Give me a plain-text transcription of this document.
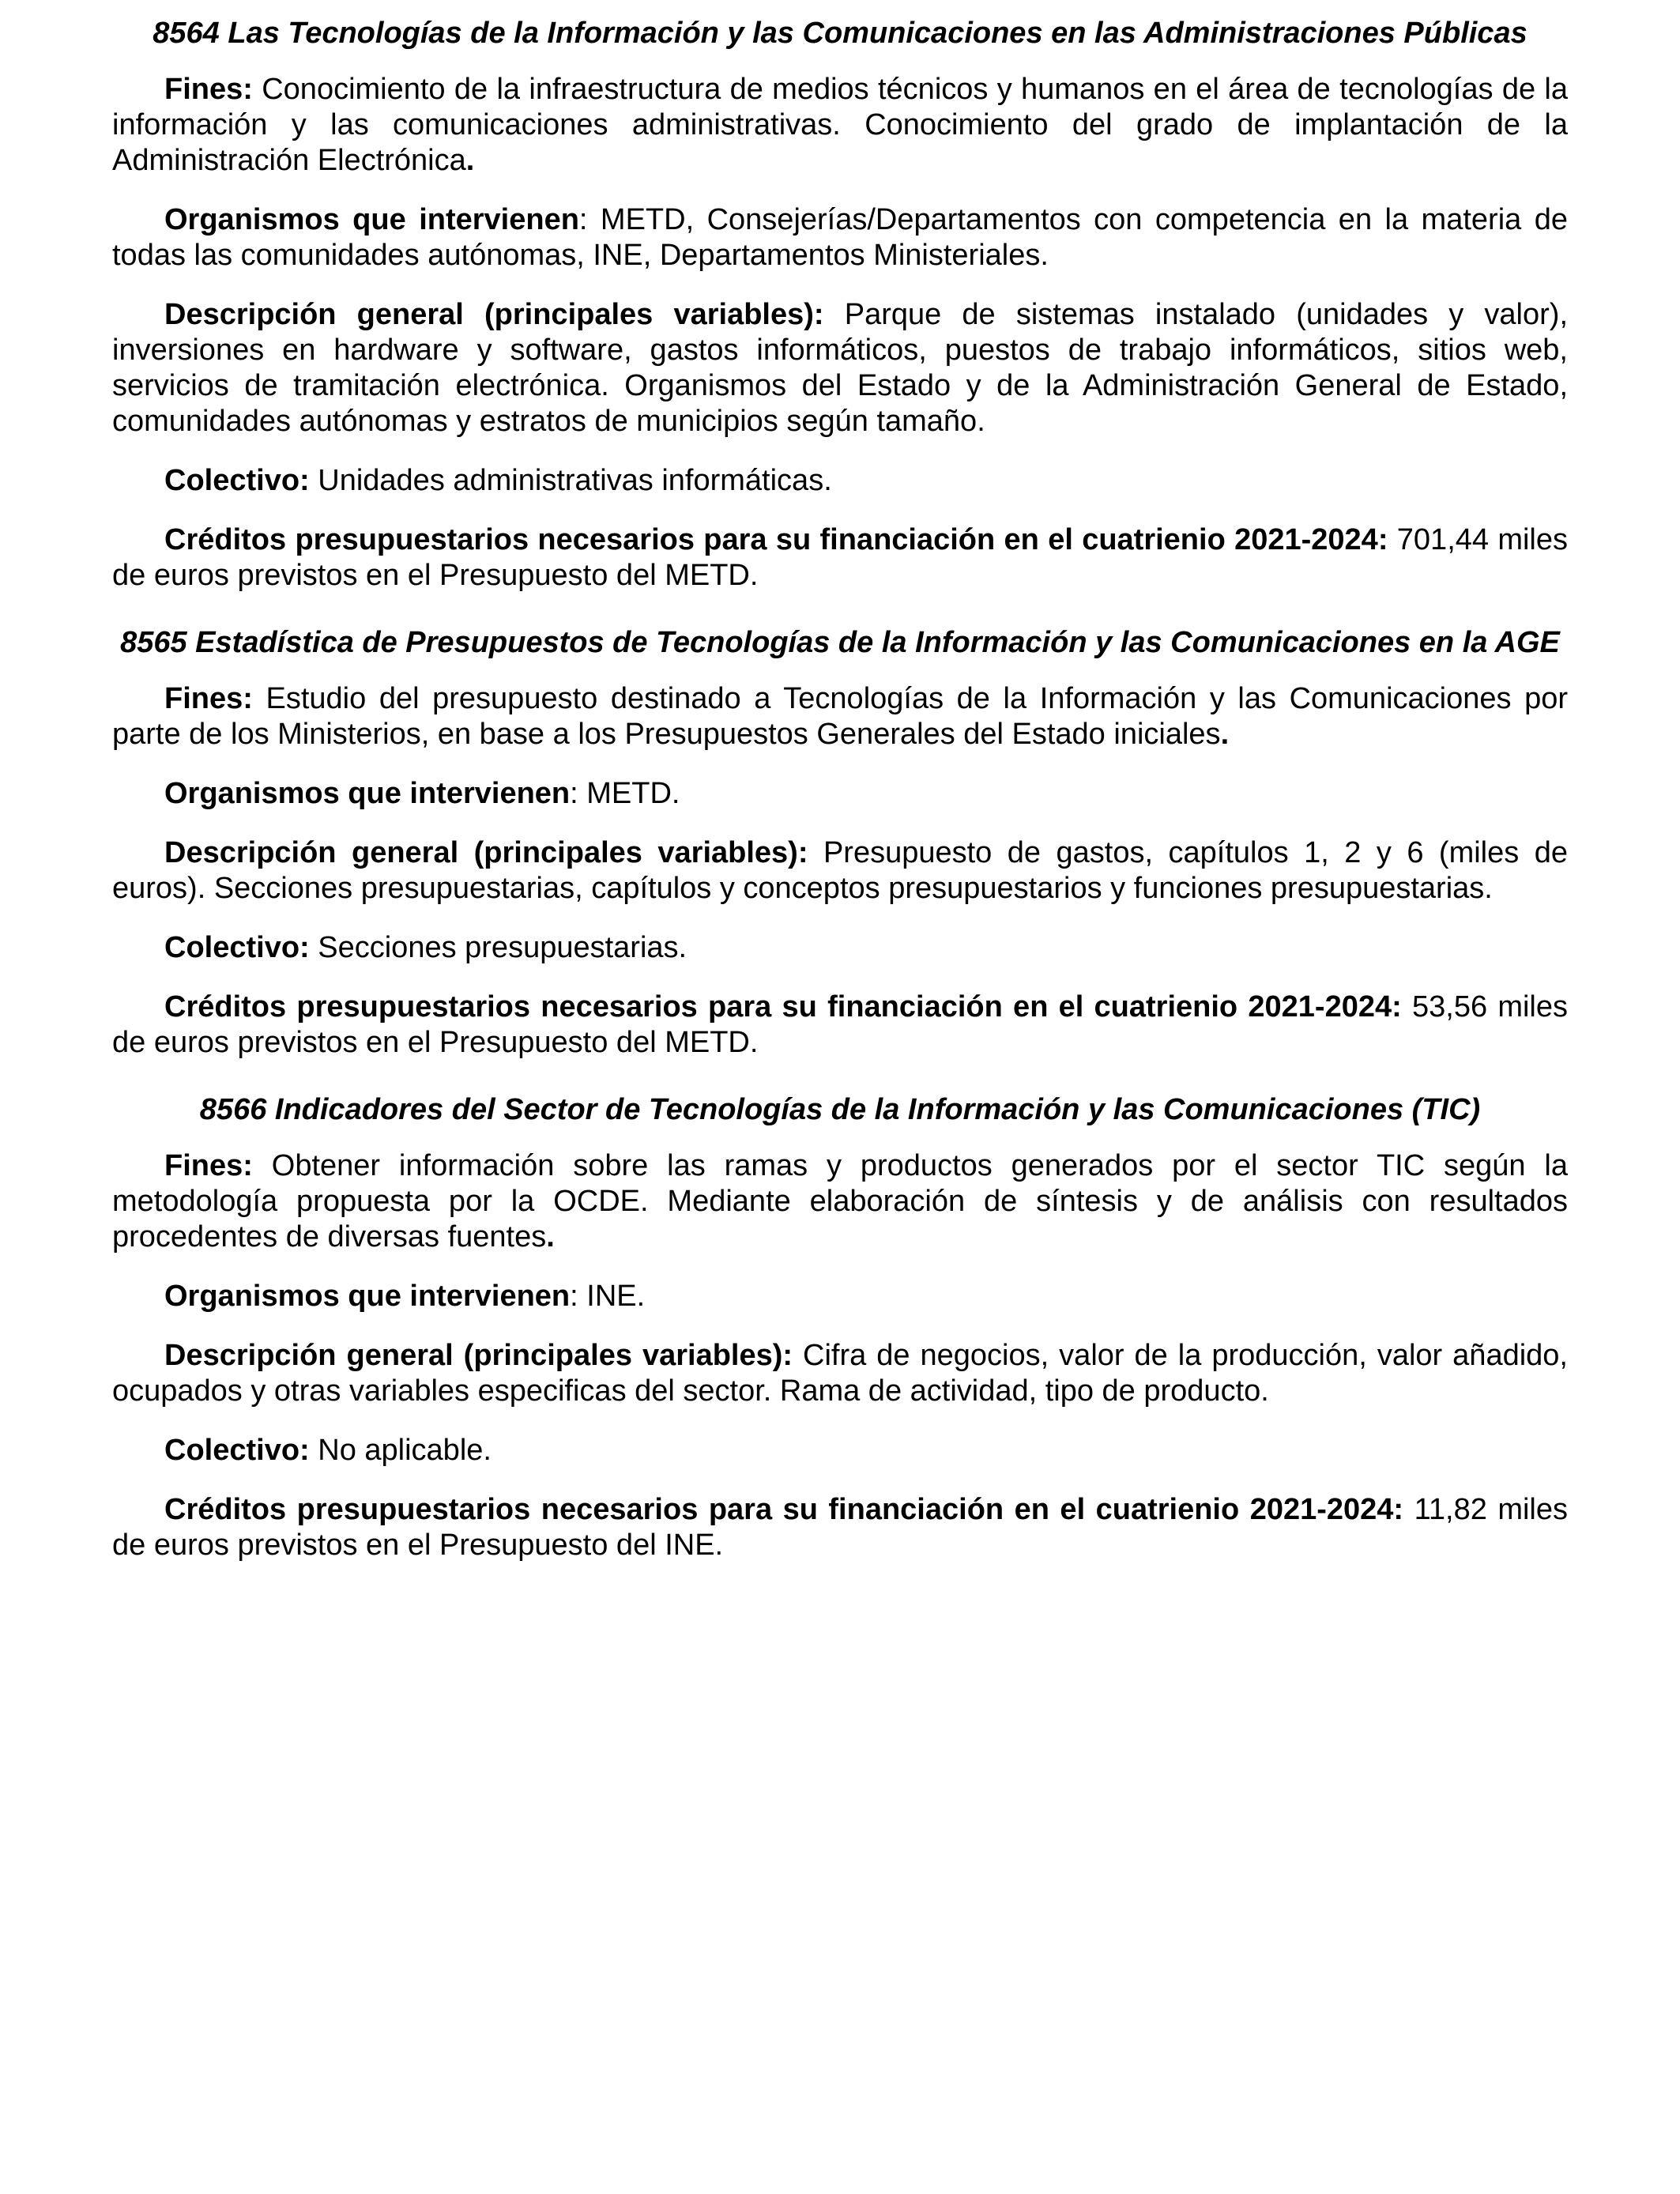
8564 Las Tecnologías de la Información y las Comunicaciones en las Administraciones Públicas

Fines: Conocimiento de la infraestructura de medios técnicos y humanos en el área de tecnologías de la información y las comunicaciones administrativas. Conocimiento del grado de implantación de la Administración Electrónica.

Organismos que intervienen: METD, Consejerías/Departamentos con competencia en la materia de todas las comunidades autónomas, INE, Departamentos Ministeriales.

Descripción general (principales variables): Parque de sistemas instalado (unidades y valor), inversiones en hardware y software, gastos informáticos, puestos de trabajo informáticos, sitios web, servicios de tramitación electrónica. Organismos del Estado y de la Administración General de Estado, comunidades autónomas y estratos de municipios según tamaño.

Colectivo: Unidades administrativas informáticas.

Créditos presupuestarios necesarios para su financiación en el cuatrienio 2021-2024: 701,44 miles de euros previstos en el Presupuesto del METD.

8565 Estadística de Presupuestos de Tecnologías de la Información y las Comunicaciones en la AGE

Fines: Estudio del presupuesto destinado a Tecnologías de la Información y las Comunicaciones por parte de los Ministerios, en base a los Presupuestos Generales del Estado iniciales.

Organismos que intervienen: METD.

Descripción general (principales variables): Presupuesto de gastos, capítulos 1, 2 y 6 (miles de euros). Secciones presupuestarias, capítulos y conceptos presupuestarios y funciones presupuestarias.

Colectivo: Secciones presupuestarias.

Créditos presupuestarios necesarios para su financiación en el cuatrienio 2021-2024: 53,56 miles de euros previstos en el Presupuesto del METD.

8566 Indicadores del Sector de Tecnologías de la Información y las Comunicaciones (TIC)

Fines: Obtener información sobre las ramas y productos generados por el sector TIC según la metodología propuesta por la OCDE. Mediante elaboración de síntesis y de análisis con resultados procedentes de diversas fuentes.

Organismos que intervienen: INE.

Descripción general (principales variables): Cifra de negocios, valor de la producción, valor añadido, ocupados y otras variables especificas del sector. Rama de actividad, tipo de producto.

Colectivo: No aplicable.

Créditos presupuestarios necesarios para su financiación en el cuatrienio 2021-2024: 11,82 miles de euros previstos en el Presupuesto del INE.
